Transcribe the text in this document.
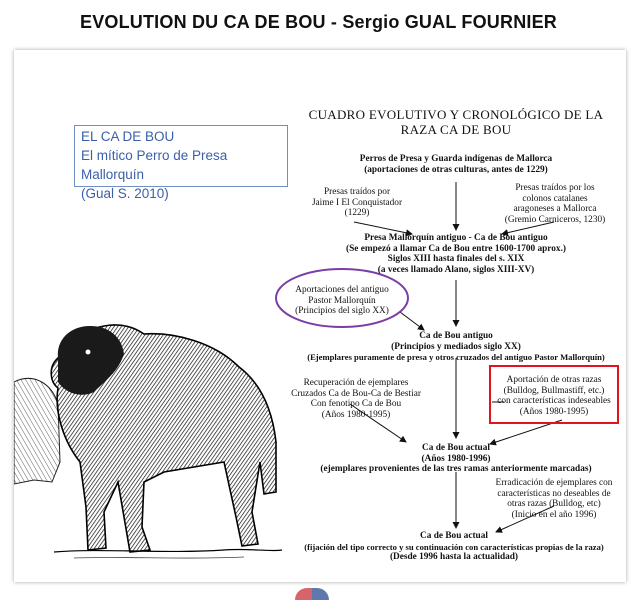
EVOLUTION DU CA DE BOU - Sergio GUAL FOURNIER
EL CA DE BOU
El mítico Perro de Presa Mallorquín
(Gual S. 2010)
CUADRO EVOLUTIVO Y CRONOLÓGICO DE LA
RAZA CA DE BOU
Perros de Presa y Guarda indígenas de Mallorca
(aportaciones de otras culturas, antes de 1229)
Presas traídos por
Jaime I El Conquistador
(1229)
Presas traídos por los
colonos catalanes
aragoneses a Mallorca
(Gremio Carniceros, 1230)
Presa Mallorquín antiguo - Ca de Bou antiguo
(Se empezó a llamar Ca de Bou entre 1600-1700 aprox.)
Siglos XIII hasta finales del s. XIX
(a veces llamado Alano, siglos XIII-XV)
Aportaciones del antiguo
Pastor Mallorquín
(Principios del siglo XX)
Ca de Bou antiguo
(Principios y mediados siglo XX)
(Ejemplares puramente de presa y otros cruzados del antiguo Pastor Mallorquín)
Recuperación de ejemplares
Cruzados Ca de Bou-Ca de Bestiar
Con fenotipo Ca de Bou
(Años 1980-1995)
Aportación de otras razas
(Bulldog, Bullmastiff, etc.)
con características indeseables
(Años 1980-1995)
Ca de Bou actual
(Años 1980-1996)
(ejemplares provenientes de las tres ramas anteriormente marcadas)
Erradicación de ejemplares con
características no deseables de
otras razas (Bulldog, etc)
(Inicio en el año 1996)
Ca de Bou actual
(fijación del tipo correcto y su continuación con características propias de la raza)
(Desde 1996 hasta la actualidad)
